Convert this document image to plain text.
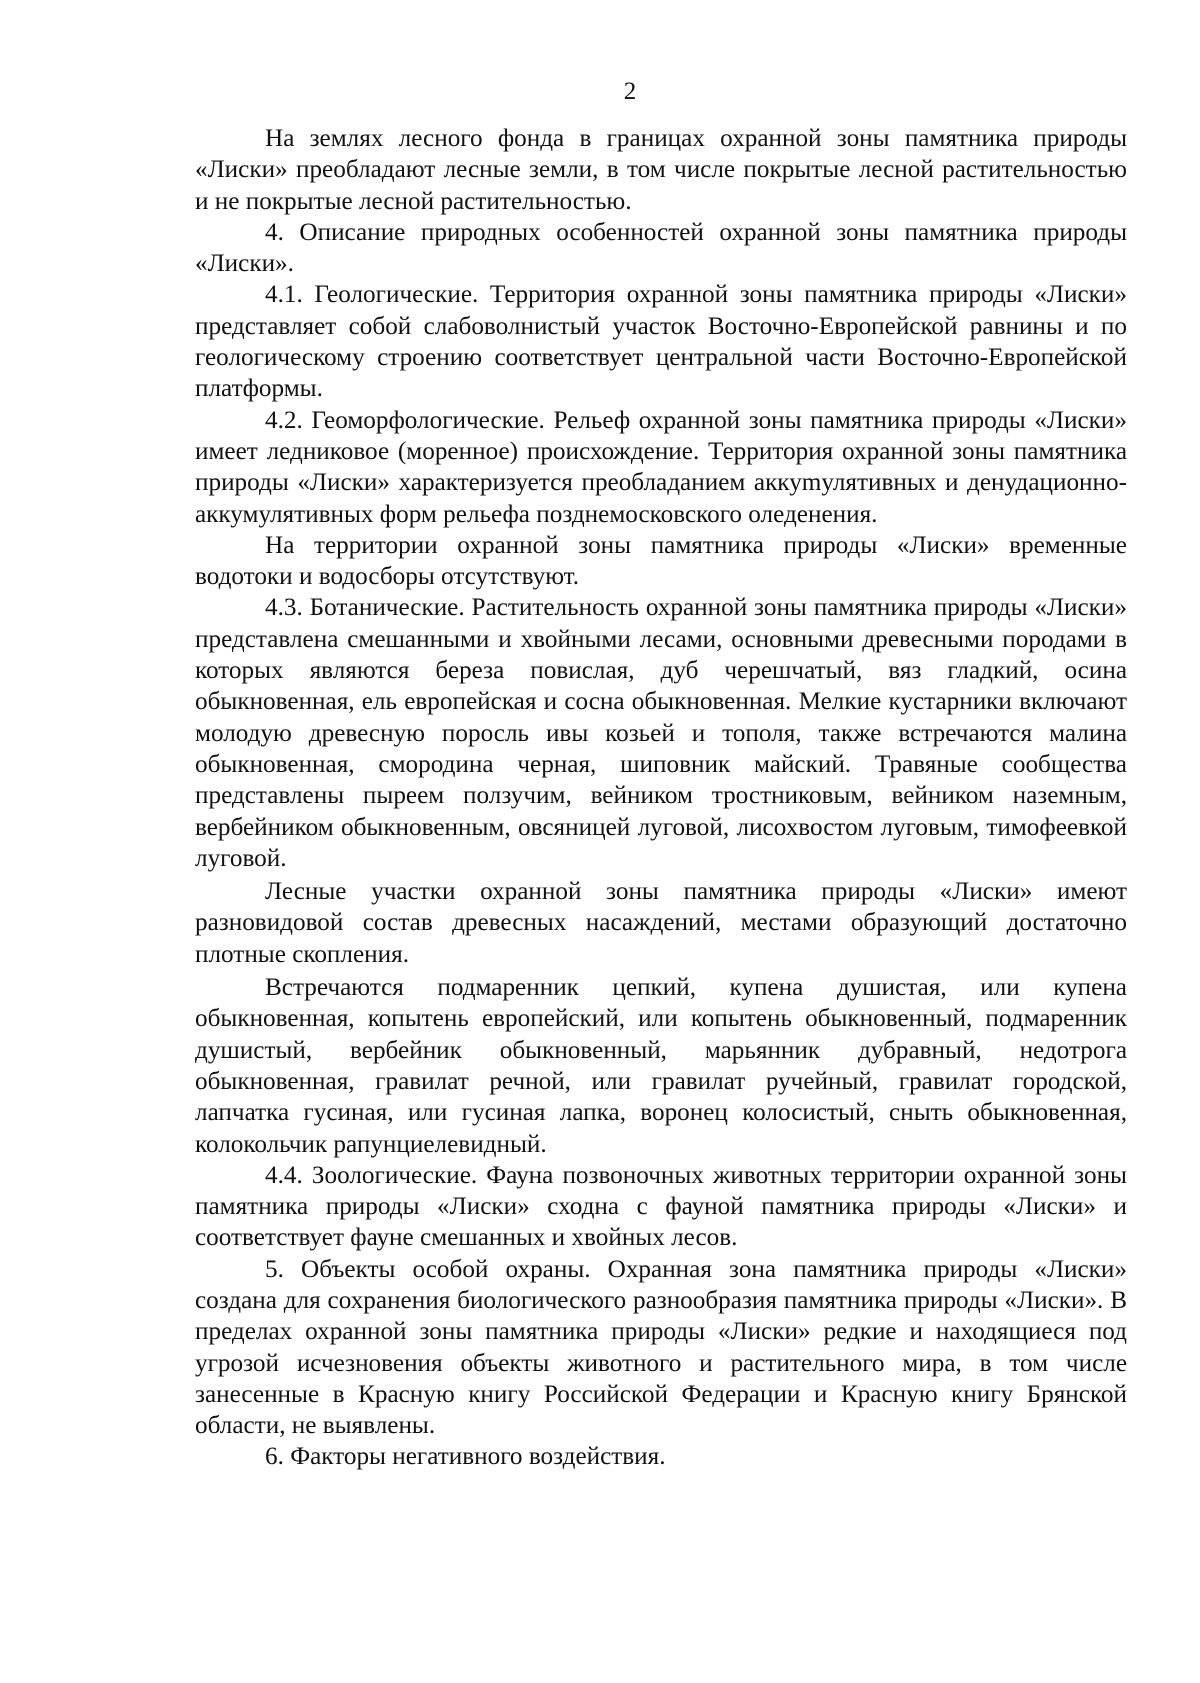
2

На землях лесного фонда в границах охранной зоны памятника природы «Лиски» преобладают лесные земли, в том числе покрытые лесной растительностью и не покрытые лесной растительностью.

4. Описание природных особенностей охранной зоны памятника природы «Лиски».

4.1. Геологические. Территория охранной зоны памятника природы «Лиски» представляет собой слабоволнистый участок Восточно-Европейской равнины и по геологическому строению соответствует центральной части Восточно-Европейской платформы.

4.2. Геоморфологические. Рельеф охранной зоны памятника природы «Лиски» имеет ледниковое (моренное) происхождение. Территория охранной зоны памятника природы «Лиски» характеризуется преобладанием аккуmулятивных и денудационно-аккумулятивных форм рельефа позднемосковского оледенения.

На территории охранной зоны памятника природы «Лиски» временные водотоки и водосборы отсутствуют.

4.3. Ботанические. Растительность охранной зоны памятника природы «Лиски» представлена смешанными и хвойными лесами, основными древесными породами в которых являются береза повислая, дуб черешчатый, вяз гладкий, осина обыкновенная, ель европейская и сосна обыкновенная. Мелкие кустарники включают молодую древесную поросль ивы козьей и тополя, также встречаются малина обыкновенная, смородина черная, шиповник майский. Травяные сообщества представлены пыреем ползучим, вейником тростниковым, вейником наземным, вербейником обыкновенным, овсяницей луговой, лисохвостом луговым, тимофеевкой луговой.

Лесные участки охранной зоны памятника природы «Лиски» имеют разновидовой состав древесных насаждений, местами образующий достаточно плотные скопления.

Встречаются подмаренник цепкий, купена душистая, или купена обыкновенная, копытень европейский, или копытень обыкновенный, подмаренник душистый, вербейник обыкновенный, марьянник дубравный, недотрога обыкновенная, гравилат речной, или гравилат ручейный, гравилат городской, лапчатка гусиная, или гусиная лапка, воронец колосистый, сныть обыкновенная, колокольчик рапунциелевидный.

4.4. Зоологические. Фауна позвоночных животных территории охранной зоны памятника природы «Лиски» сходна с фауной памятника природы «Лиски» и соответствует фауне смешанных и хвойных лесов.

5. Объекты особой охраны. Охранная зона памятника природы «Лиски» создана для сохранения биологического разнообразия памятника природы «Лиски». В пределах охранной зоны памятника природы «Лиски» редкие и находящиеся под угрозой исчезновения объекты животного и растительного мира, в том числе занесенные в Красную книгу Российской Федерации и Красную книгу Брянской области, не выявлены.

6. Факторы негативного воздействия.
